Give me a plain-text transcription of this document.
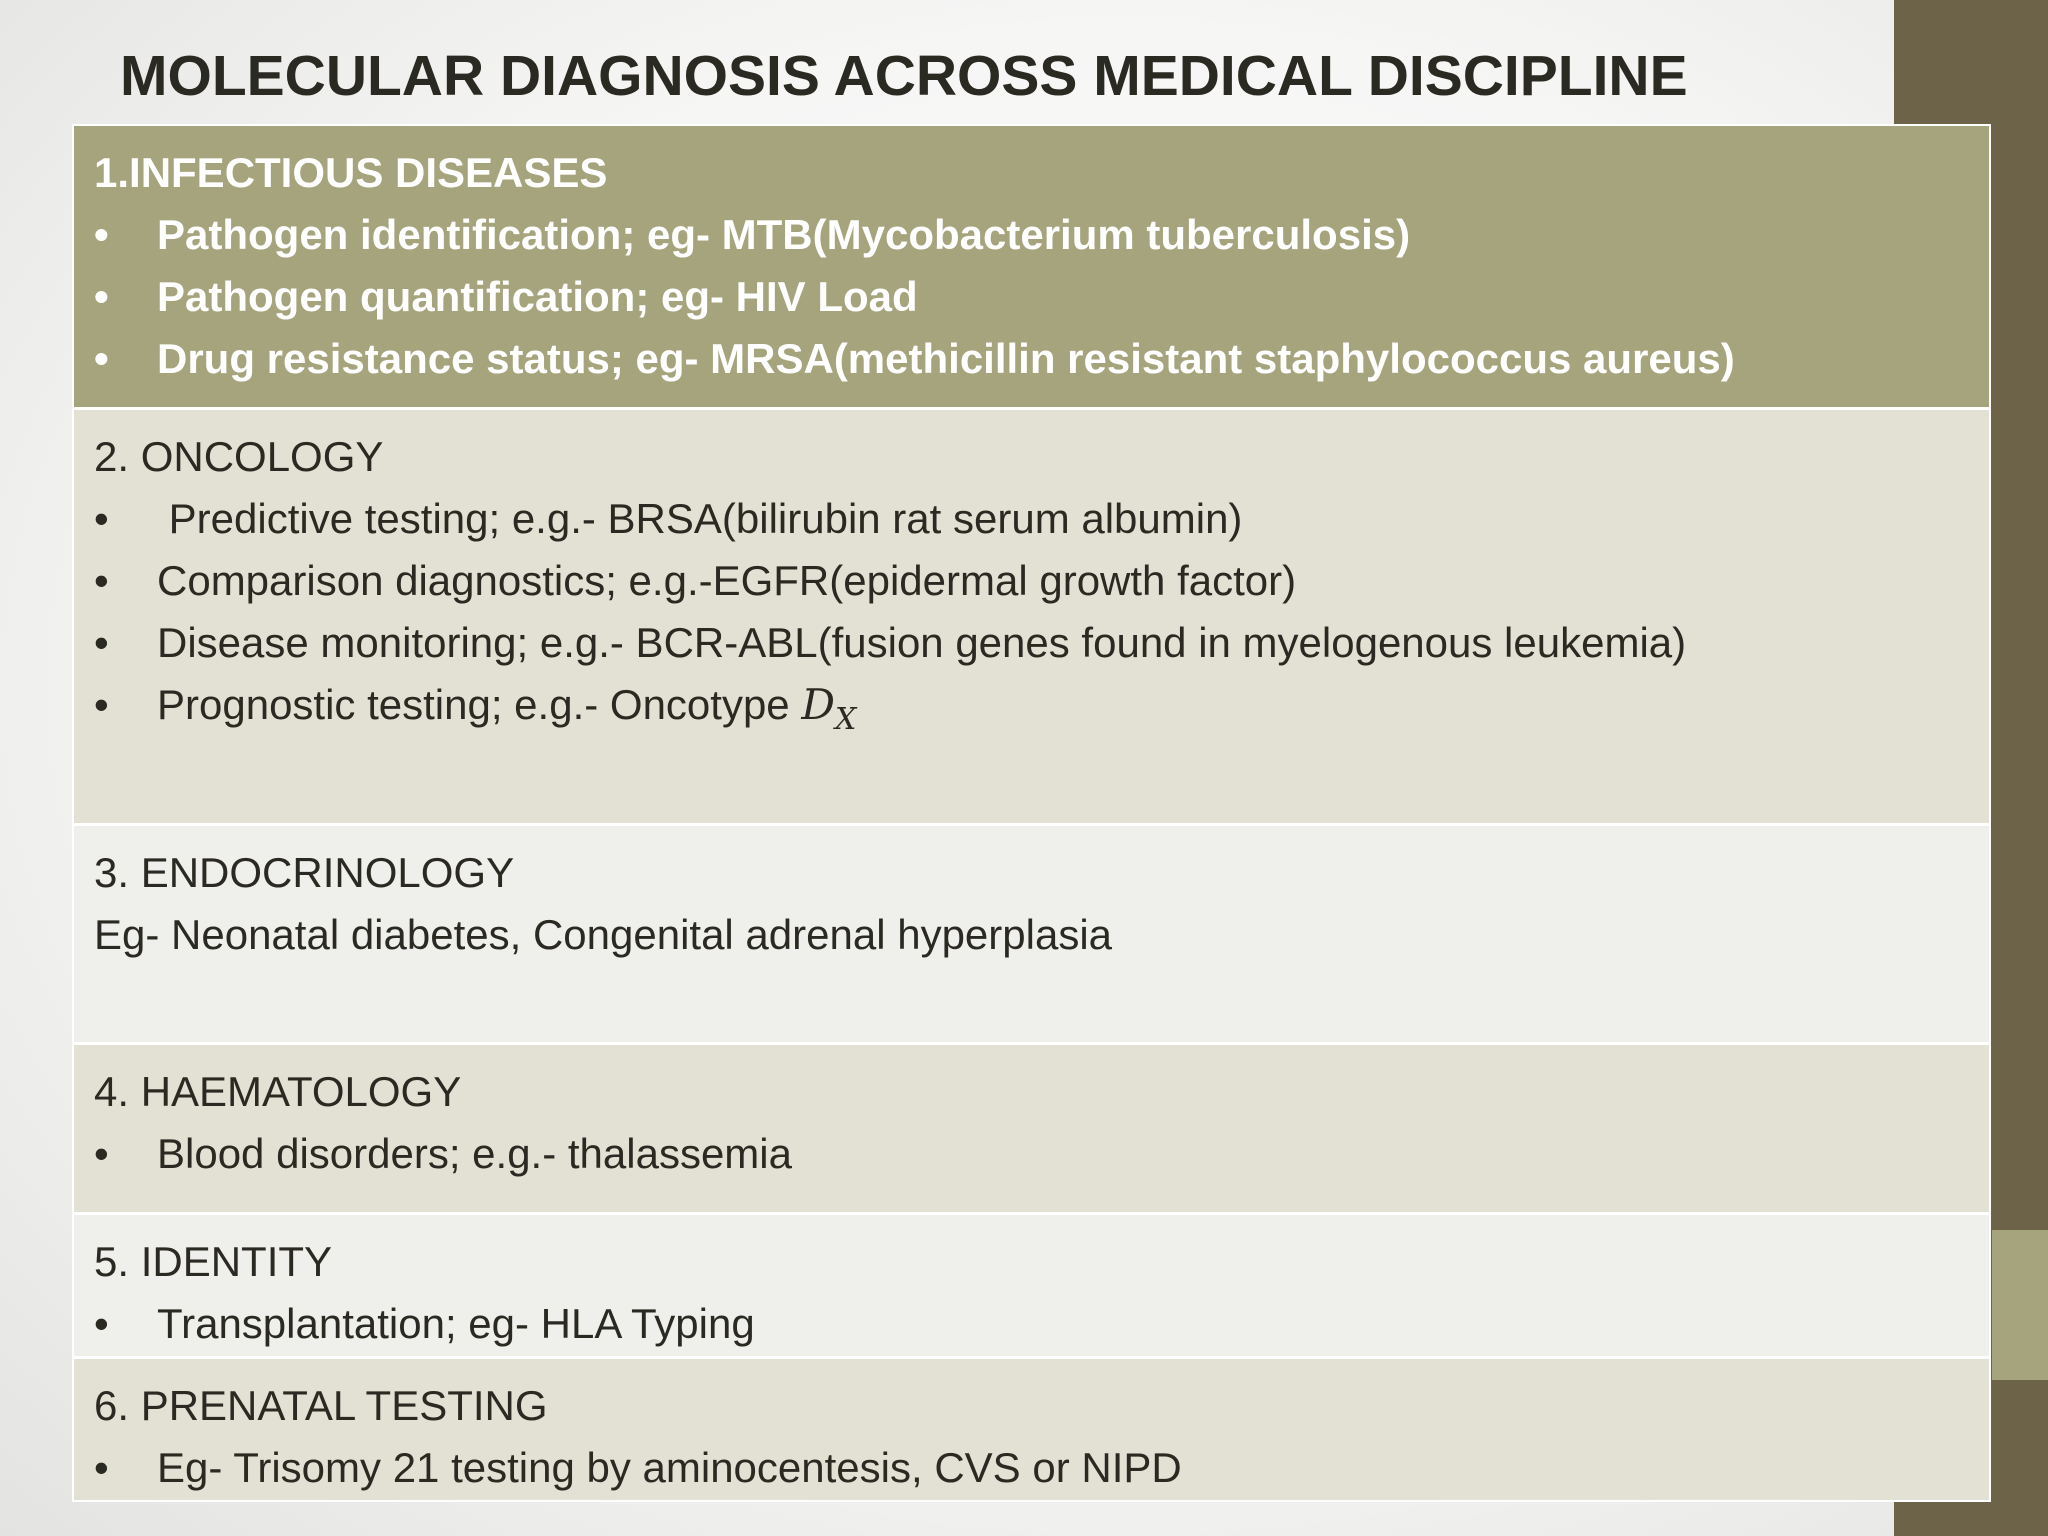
MOLECULAR DIAGNOSIS ACROSS MEDICAL DISCIPLINE
1.INFECTIOUS DISEASES
•	Pathogen identification; eg- MTB(Mycobacterium tuberculosis)
•	Pathogen quantification; eg- HIV Load
•	Drug resistance status; eg- MRSA(methicillin resistant staphylococcus aureus)
2. ONCOLOGY
•	Predictive testing; e.g.- BRSA(bilirubin rat serum albumin)
•	Comparison diagnostics; e.g.-EGFR(epidermal growth factor)
•	Disease monitoring; e.g.- BCR-ABL(fusion genes found in myelogenous leukemia)
•	Prognostic testing; e.g.- Oncotype $D_X$
3. ENDOCRINOLOGY
Eg- Neonatal diabetes, Congenital adrenal hyperplasia
4. HAEMATOLOGY
•	Blood disorders; e.g.- thalassemia
5. IDENTITY
•	Transplantation; eg- HLA Typing
6. PRENATAL TESTING
•	Eg- Trisomy 21 testing by aminocentesis, CVS or NIPD
